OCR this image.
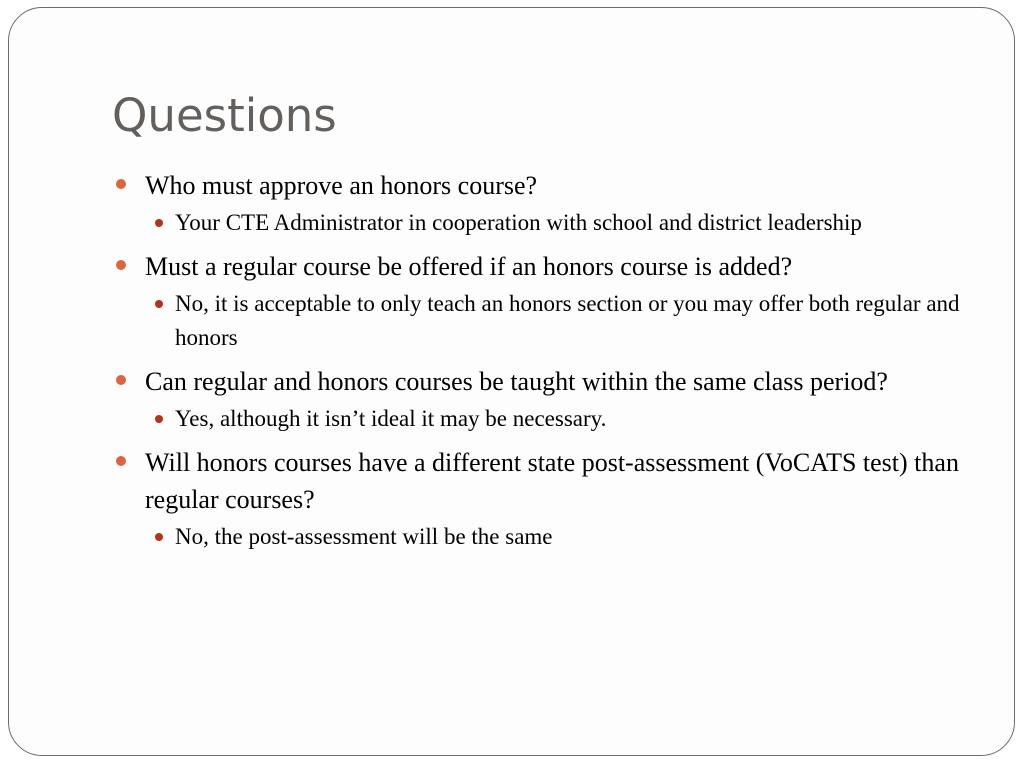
Questions
Who must approve an honors course?
Your CTE Administrator in cooperation with school and district leadership
Must a regular course be offered if an honors course is added?
No, it is acceptable to only teach an honors section or you may offer both regular and honors
Can regular and honors courses be taught within the same class period?
Yes, although it isn’t ideal it may be necessary.
Will honors courses have a different state post-assessment (VoCATS test) than regular courses?
No, the post-assessment will be the same
